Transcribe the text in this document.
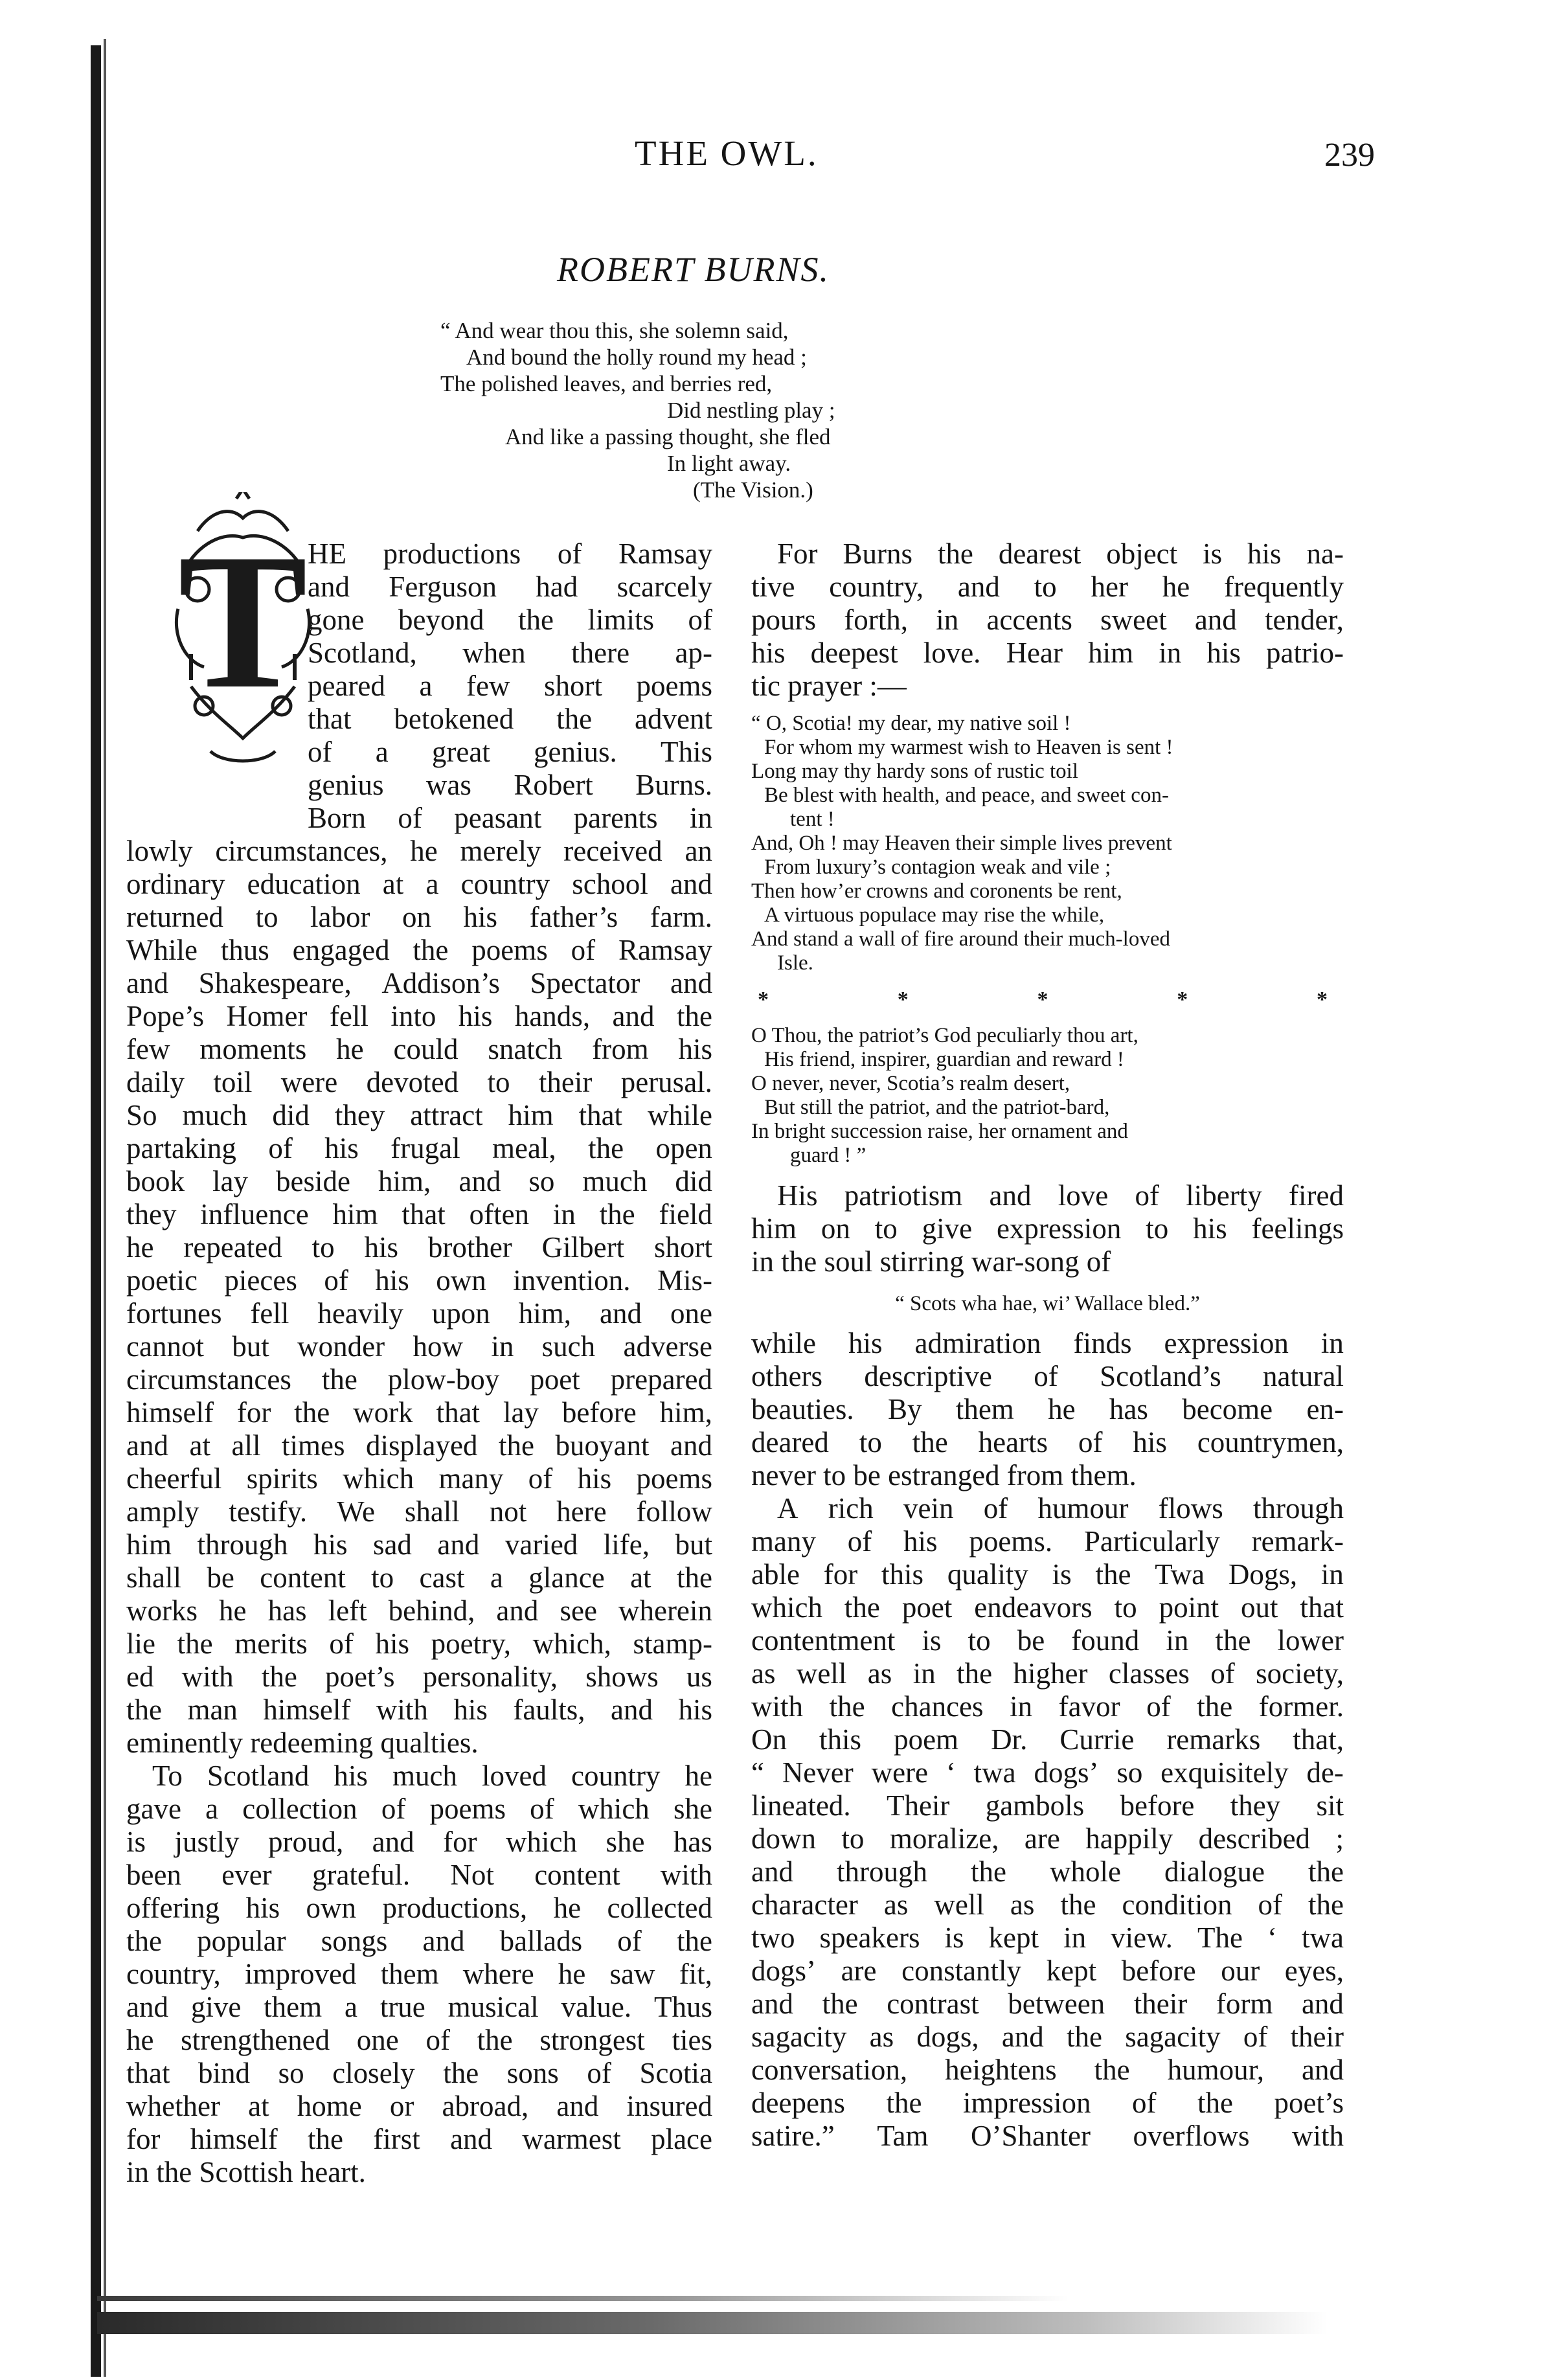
THE OWL.	239
ROBERT BURNS.
“ And wear thou this, she solemn said,
And bound the holly round my head ;
The polished leaves, and berries red,
Did nestling play ;
And like a passing thought, she fled
In light away.
(The Vision.)
T HE productions of Ramsay
and Ferguson had scarcely
gone beyond the limits of
Scotland, when there ap-
peared a few short poems
that betokened the advent
of a great genius. This
genius was Robert Burns.
Born of peasant parents in
lowly circumstances, he merely received an
ordinary education at a country school and
returned to labor on his father’s farm.
While thus engaged the poems of Ramsay
and Shakespeare, Addison’s Spectator and
Pope’s Homer fell into his hands, and the
few moments he could snatch from his
daily toil were devoted to their perusal.
So much did they attract him that while
partaking of his frugal meal, the open
book lay beside him, and so much did
they influence him that often in the field
he repeated to his brother Gilbert short
poetic pieces of his own invention. Mis-
fortunes fell heavily upon him, and one
cannot but wonder how in such adverse
circumstances the plow-boy poet prepared
himself for the work that lay before him,
and at all times displayed the buoyant and
cheerful spirits which many of his poems
amply testify. We shall not here follow
him through his sad and varied life, but
shall be content to cast a glance at the
works he has left behind, and see wherein
lie the merits of his poetry, which, stamp-
ed with the poet’s personality, shows us
the man himself with his faults, and his
eminently redeeming qualties.
To Scotland his much loved country he
gave a collection of poems of which she
is justly proud, and for which she has
been ever grateful. Not content with
offering his own productions, he collected
the popular songs and ballads of the
country, improved them where he saw fit,
and give them a true musical value. Thus
he strengthened one of the strongest ties
that bind so closely the sons of Scotia
whether at home or abroad, and insured
for himself the first and warmest place
in the Scottish heart.
For Burns the dearest object is his na-
tive country, and to her he frequently
pours forth, in accents sweet and tender,
his deepest love. Hear him in his patrio-
tic prayer :—
“ O, Scotia! my dear, my native soil !
For whom my warmest wish to Heaven is sent !
Long may thy hardy sons of rustic toil
Be blest with health, and peace, and sweet con-
tent !
And, Oh ! may Heaven their simple lives prevent
From luxury’s contagion weak and vile ;
Then how’er crowns and coronents be rent,
A virtuous populace may rise the while,
And stand a wall of fire around their much-loved
Isle.
*	*	*	*	*
O Thou, the patriot’s God peculiarly thou art,
His friend, inspirer, guardian and reward !
O never, never, Scotia’s realm desert,
But still the patriot, and the patriot-bard,
In bright succession raise, her ornament and
guard ! ”
His patriotism and love of liberty fired
him on to give expression to his feelings
in the soul stirring war-song of
“ Scots wha hae, wi’ Wallace bled.”
while his admiration finds expression in
others descriptive of Scotland’s natural
beauties. By them he has become en-
deared to the hearts of his countrymen,
never to be estranged from them.
A rich vein of humour flows through
many of his poems. Particularly remark-
able for this quality is the Twa Dogs, in
which the poet endeavors to point out that
contentment is to be found in the lower
as well as in the higher classes of society,
with the chances in favor of the former.
On this poem Dr. Currie remarks that,
“ Never were ‘ twa dogs’ so exquisitely de-
lineated. Their gambols before they sit
down to moralize, are happily described ;
and through the whole dialogue the
character as well as the condition of the
two speakers is kept in view. The ‘ twa
dogs’ are constantly kept before our eyes,
and the contrast between their form and
sagacity as dogs, and the sagacity of their
conversation, heightens the humour, and
deepens the impression of the poet’s
satire.” Tam O’Shanter overflows with
